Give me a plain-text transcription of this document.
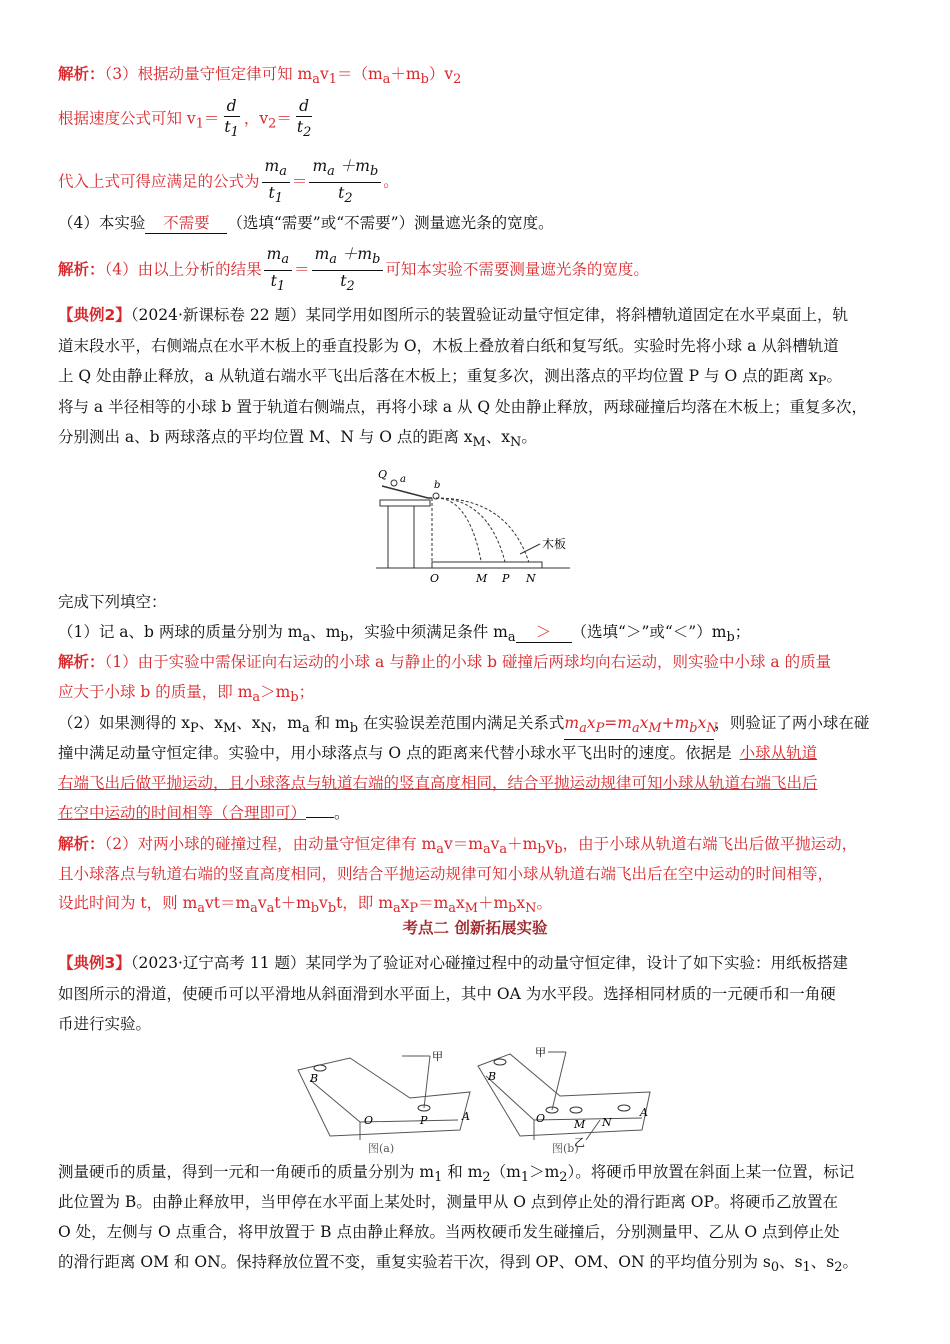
解析：（3）根据动量守恒定律可知 $m_av_1=(m_a+m_b)v_2$
根据速度公式可知 $v_1= \frac{d}{t_1}$ ，$v_2= \frac{d}{t_2}$
代入上式可得应满足的公式为 $\frac{m_a}{t_1} = \frac{m_a +m_b}{t_2}$ 。
（4）本实验 不需要 （选填“需要”或“不需要”）测量遮光条的宽度。
解析：（4）由以上分析的结果 $\frac{m_a}{t_1} = \frac{m_a +m_b}{t_2}$ 可知本实验不需要测量遮光条的宽度。
【典例2】（2024·新课标卷 22 题）某同学用如图所示的装置验证动量守恒定律，将斜槽轨道固定在水平桌面上，轨
道末段水平，右侧端点在水平木板上的垂直投影为 O，木板上叠放着白纸和复写纸。实验时先将小球 a 从斜槽轨道
上 Q 处由静止释放，a 从轨道右端水平飞出后落在木板上；重复多次，测出落点的平均位置 P 与 O 点的距离 $x_P$。
将与 a 半径相等的小球 b 置于轨道右侧端点，再将小球 a 从 Q 处由静止释放，两球碰撞后均落在木板上；重复多次，
分别测出 a、b 两球落点的平均位置 M、N 与 O 点的距离 $x_M$、$x_N$。
Q a
b
木板
O	M P N
完成下列填空：
（1）记 a、b 两球的质量分别为 $m_a$、$m_b$，实验中须满足条件 $m_a$ ＞ （选填“＞”或“$<”)m_b$；
解析：（1）由于实验中需保证向右运动的小球 a 与静止的小球 b 碰撞后两球均向右运动，则实验中小球 a 的质量
应大于小球 b 的质量，即 $m_a>m_b$；
（2）如果测得的 $x_P$、$x_M$、$x_N$，$m_a$ 和 $m_b$ 在实验误差范围内满足关系式$m_ax_P=m_ax_M+m_bx_N$，则验证了两小球在碰
撞中满足动量守恒定律。实验中，用小球落点与 O 点的距离来代替小球水平飞出时的速度。依据是 小球从轨道
右端飞出后做平抛运动，且小球落点与轨道右端的竖直高度相同，结合平抛运动规律可知小球从轨道右端飞出后
在空中运动的时间相等（合理即可） 。
解析：（2）对两小球的碰撞过程，由动量守恒定律有 $m_av=m_av_a+m_bv_b$，由于小球从轨道右端飞出后做平抛运动，
且小球落点与轨道右端的竖直高度相同，则结合平抛运动规律可知小球从轨道右端飞出后在空中运动的时间相等，
设此时间为 t，则 $m_avt=m_av_at+m_bv_bt$，即 $m_ax_P=m_ax_M+m_bx_N$。
考点二 创新拓展实验
【典例3】（2023·辽宁高考 11 题）某同学为了验证对心碰撞过程中的动量守恒定律，设计了如下实验：用纸板搭建
如图所示的滑道，使硬币可以平滑地从斜面滑到水平面上，其中 OA 为水平段。选择相同材质的一元硬币和一角硬
币进行实验。
B
甲
O	P	A
图(a)
甲
B
O	M N
A
乙
图(b)
测量硬币的质量，得到一元和一角硬币的质量分别为 $m_1$ 和 $m_2(m_1>m_2)$。将硬币甲放置在斜面上某一位置，标记
此位置为 B。由静止释放甲，当甲停在水平面上某处时，测量甲从 O 点到停止处的滑行距离 OP。将硬币乙放置在
O 处，左侧与 O 点重合，将甲放置于 B 点由静止释放。当两枚硬币发生碰撞后，分别测量甲、乙从 O 点到停止处
的滑行距离 OM 和 ON。保持释放位置不变，重复实验若干次，得到 OP、OM、ON 的平均值分别为 $s_0$、$s_1$、$s_2$。
